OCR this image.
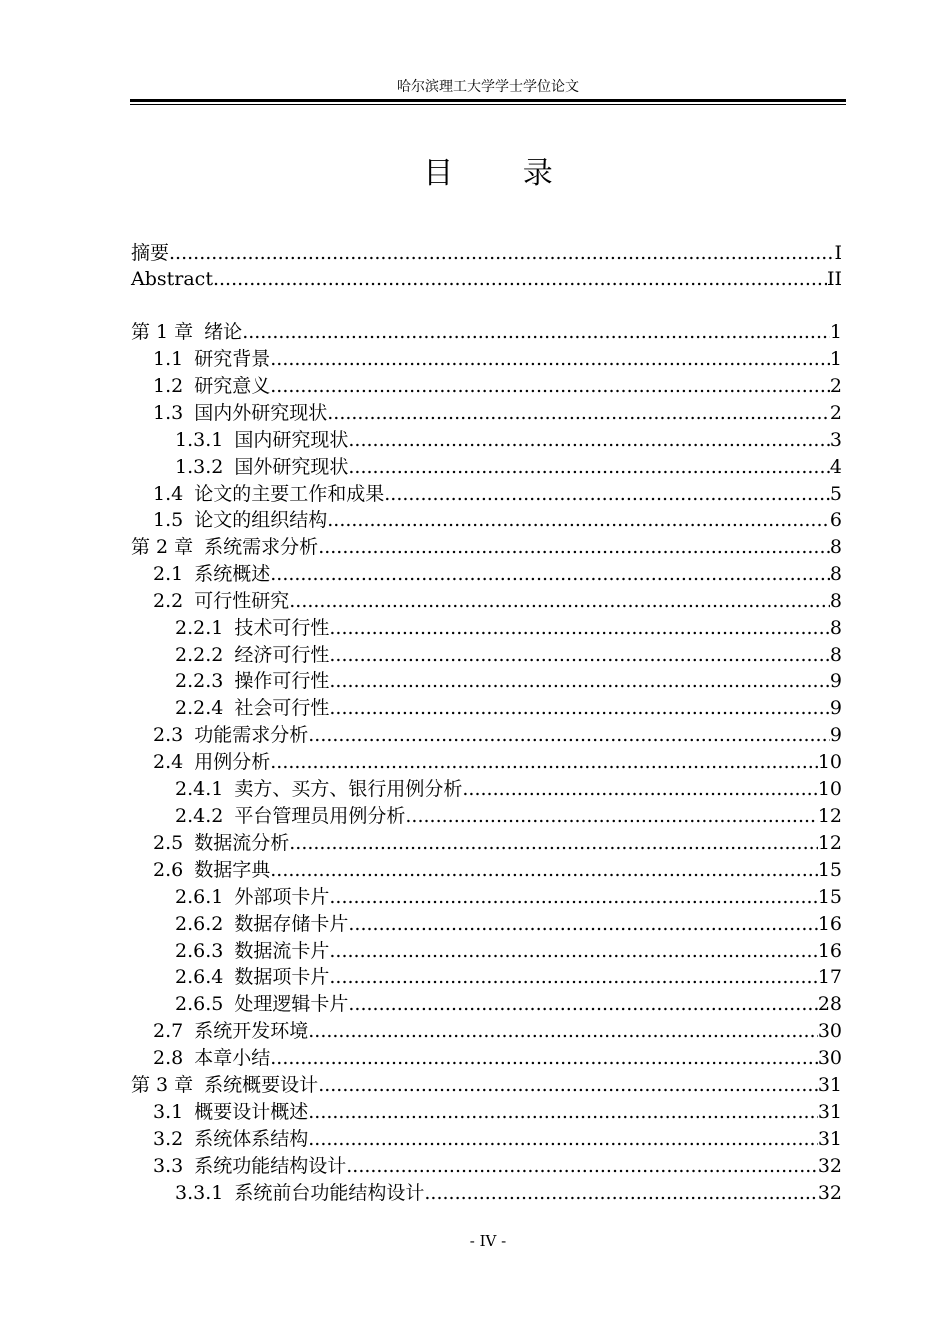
哈尔滨理工大学学士学位论文
目 录
摘要 .....	I
Abstract .....	II
第 1 章 绪论 .....	1
1.1 研究背景 .....	1
1.2 研究意义 .....	2
1.3 国内外研究现状 .....	2
1.3.1 国内研究现状 .....	3
1.3.2 国外研究现状 .....	4
1.4 论文的主要工作和成果 .....	5
1.5 论文的组织结构 .....	6
第 2 章 系统需求分析 .....	8
2.1 系统概述 .....	8
2.2 可行性研究 .....	8
2.2.1 技术可行性 .....	8
2.2.2 经济可行性 .....	8
2.2.3 操作可行性 .....	9
2.2.4 社会可行性 .....	9
2.3 功能需求分析 .....	9
2.4 用例分析 .....	10
2.4.1 卖方、买方、银行用例分析 .....	10
2.4.2 平台管理员用例分析 .....	12
2.5 数据流分析 .....	12
2.6 数据字典 .....	15
2.6.1 外部项卡片 .....	15
2.6.2 数据存储卡片 .....	16
2.6.3 数据流卡片 .....	16
2.6.4 数据项卡片 .....	17
2.6.5 处理逻辑卡片 .....	28
2.7 系统开发环境 .....	30
2.8 本章小结 .....	30
第 3 章 系统概要设计 .....	31
3.1 概要设计概述 .....	31
3.2 系统体系结构 .....	31
3.3 系统功能结构设计 .....	32
3.3.1 系统前台功能结构设计 .....	32
- IV -
